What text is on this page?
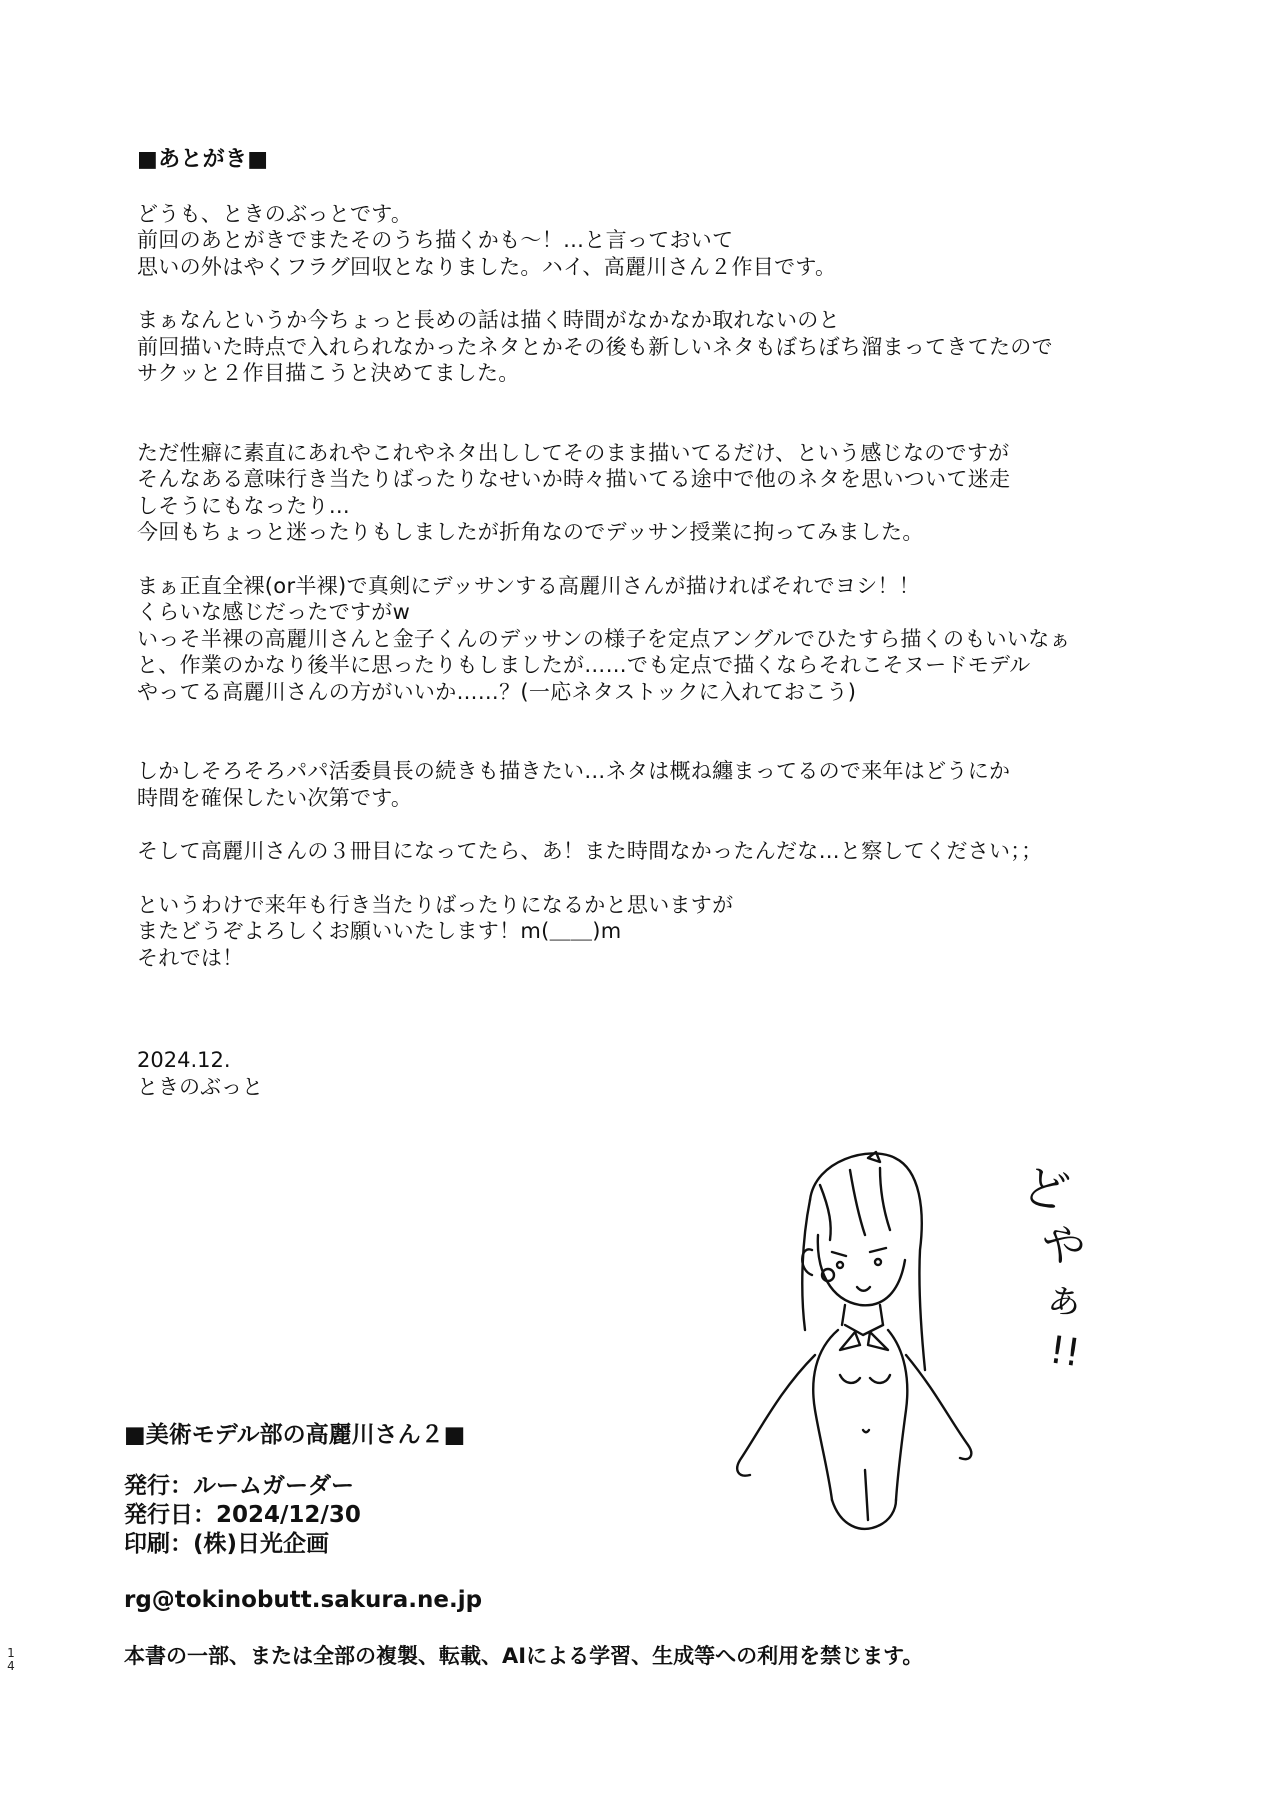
■あとがき■
どうも、ときのぶっとです。
前回のあとがきでまたそのうち描くかも〜！…と言っておいて
思いの外はやくフラグ回収となりました。ハイ、高麗川さん２作目です。
まぁなんというか今ちょっと長めの話は描く時間がなかなか取れないのと
前回描いた時点で入れられなかったネタとかその後も新しいネタもぼちぼち溜まってきてたので
サクッと２作目描こうと決めてました。
ただ性癖に素直にあれやこれやネタ出ししてそのまま描いてるだけ、という感じなのですが
そんなある意味行き当たりばったりなせいか時々描いてる途中で他のネタを思いついて迷走
しそうにもなったり…
今回もちょっと迷ったりもしましたが折角なのでデッサン授業に拘ってみました。
まぁ正直全裸(or半裸)で真剣にデッサンする高麗川さんが描ければそれでヨシ！！
くらいな感じだったですがw
いっそ半裸の高麗川さんと金子くんのデッサンの様子を定点アングルでひたすら描くのもいいなぁ
と、作業のかなり後半に思ったりもしましたが……でも定点で描くならそれこそヌードモデル
やってる高麗川さんの方がいいか……？(一応ネタストックに入れておこう)
しかしそろそろパパ活委員長の続きも描きたい…ネタは概ね纏まってるので来年はどうにか
時間を確保したい次第です。
そして高麗川さんの３冊目になってたら、あ！また時間なかったんだな…と察してください；；
というわけで来年も行き当たりばったりになるかと思いますが
またどうぞよろしくお願いいたします！m(＿＿)m
それでは！
2024.12.
ときのぶっと
ど
や
ぁ
!!
■美術モデル部の高麗川さん２■
発行：ルームガーダー
発行日：2024/12/30
印刷：(株)日光企画
rg@tokinobutt.sakura.ne.jp
本書の一部、または全部の複製、転載、AIによる学習、生成等への利用を禁じます。
1
4
